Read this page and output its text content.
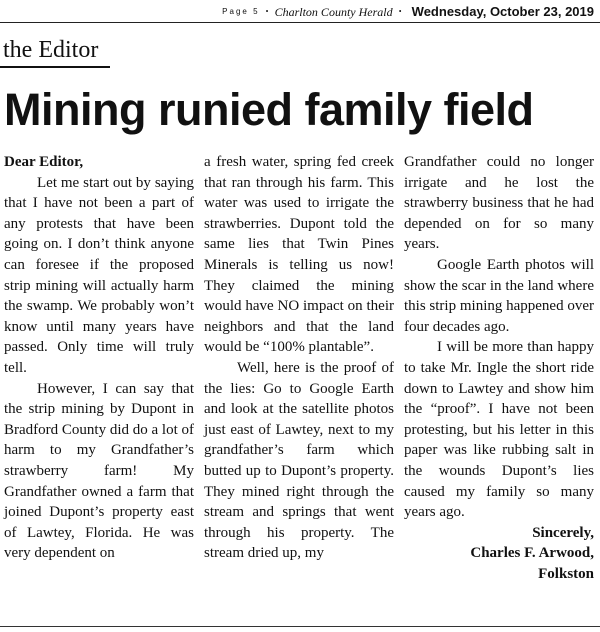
Page 5 • Charlton County Herald • Wednesday, October 23, 2019
the Editor
Mining runied family field
Dear Editor,

Let me start out by saying that I have not been a part of any protests that have been going on. I don’t think anyone can foresee if the proposed strip mining will actually harm the swamp. We probably won’t know until many years have passed. Only time will truly tell.

However, I can say that the strip mining by Dupont in Bradford County did do a lot of harm to my Grandfather’s strawberry farm! My Grandfather owned a farm that joined Dupont’s property east of Lawtey, Florida. He was very dependent on

a fresh water, spring fed creek that ran through his farm. This water was used to irrigate the strawberries. Dupont told the same lies that Twin Pines Minerals is telling us now! They claimed the mining would have NO impact on their neighbors and that the land would be “100% plantable”.

Well, here is the proof of the lies: Go to Google Earth and look at the satellite photos just east of Lawtey, next to my grandfather’s farm which butted up to Dupont’s property. They mined right through the stream and springs that went through his property. The stream dried up, my

Grandfather could no longer irrigate and he lost the strawberry business that he had depended on for so many years.

Google Earth photos will show the scar in the land where this strip mining happened over four decades ago.

I will be more than happy to take Mr. Ingle the short ride down to Lawtey and show him the “proof”. I have not been protesting, but his letter in this paper was like rubbing salt in the wounds Dupont’s lies caused my family so many years ago.

Sincerely,

Charles F. Arwood,

Folkston
